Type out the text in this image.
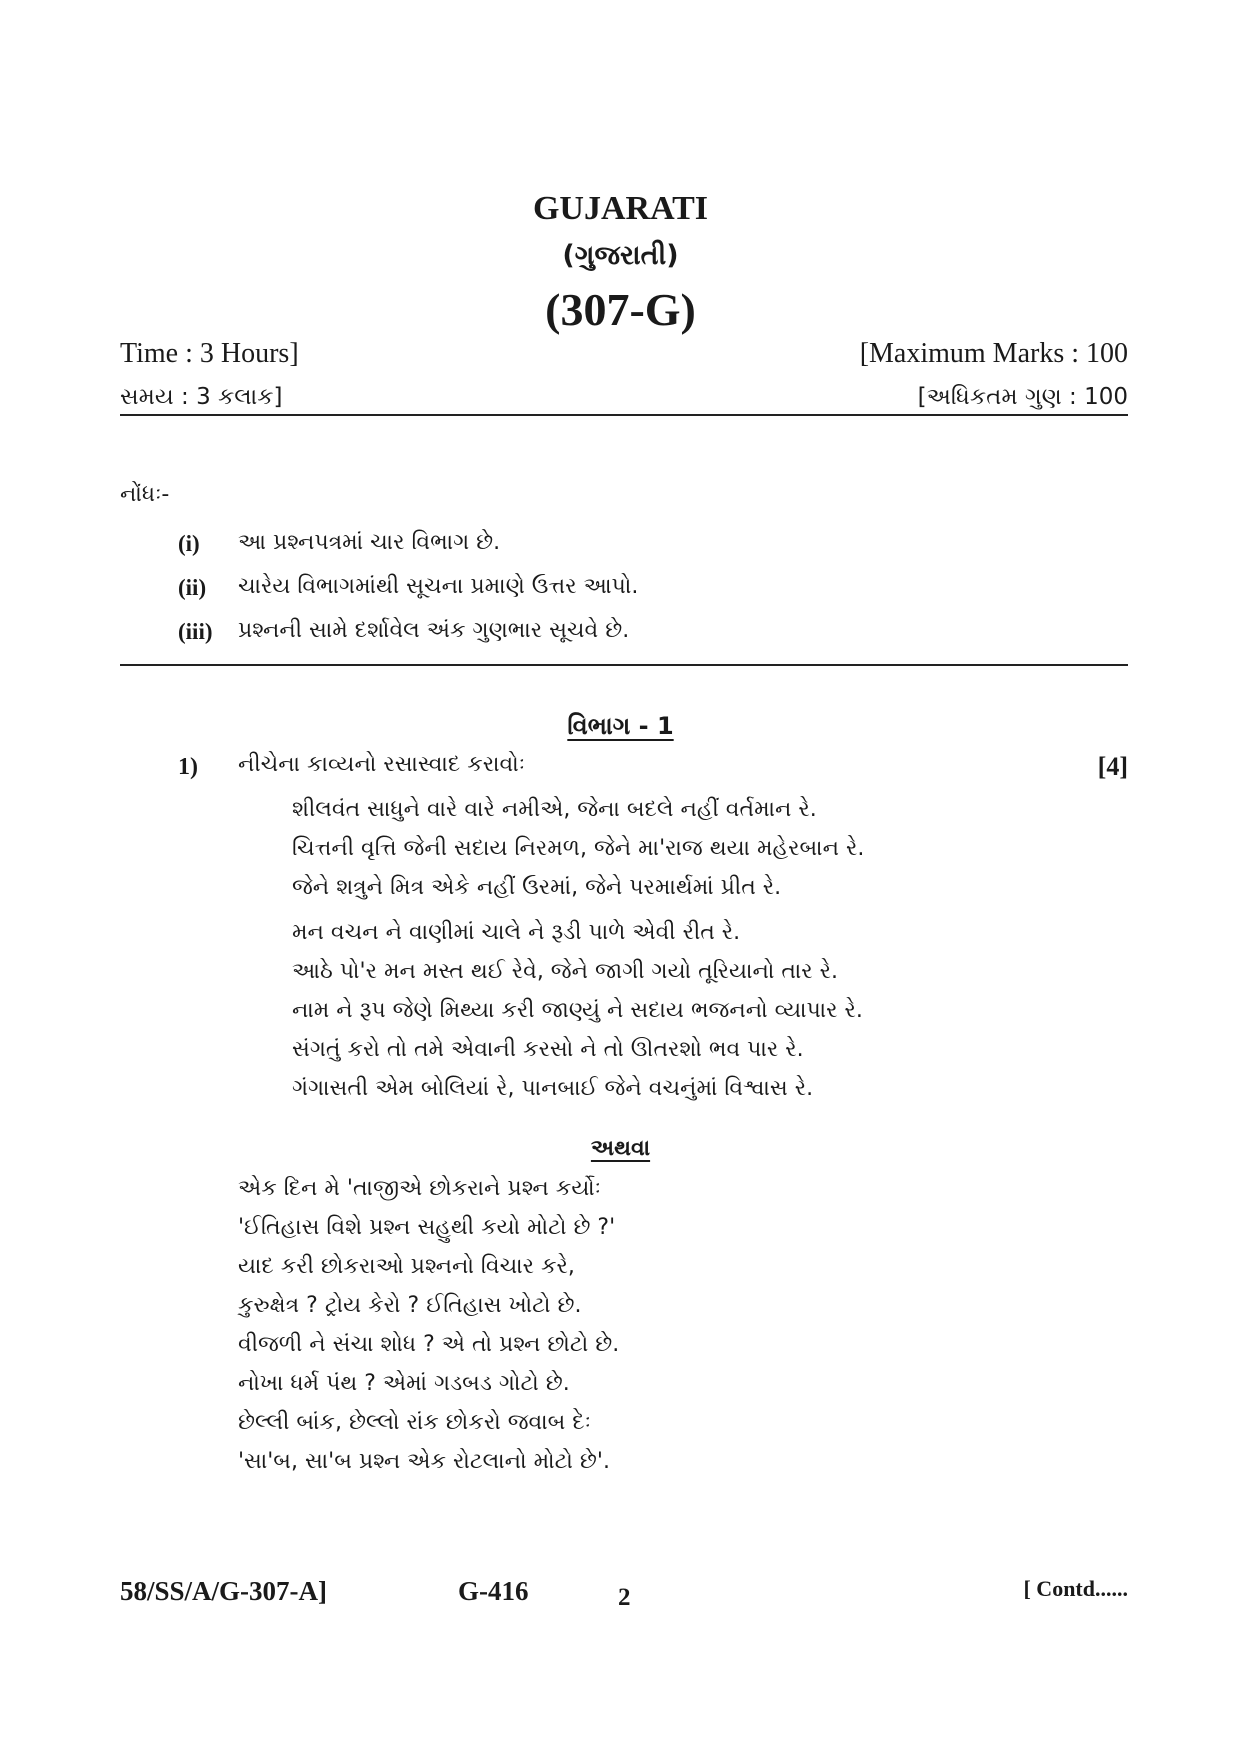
GUJARATI
(ગુજરાતી)
(307-G)
Time : 3 Hours]
સમય : 3 કલાક]
[Maximum Marks : 100
[અધિકતમ ગુણ : 100
નોંધઃ-
(i) આ પ્રશ્નપત્રમાં ચાર વિભાગ છે.
(ii) ચારેય વિભાગમાંથી સૂચના પ્રમાણે ઉત્તર આપો.
(iii) પ્રશ્નની સામે દર્શાવેલ અંક ગુણભાર સૂચવે છે.
વિભાગ - 1
1) નીચેના કાવ્યનો રસાસ્વાદ કરાવોઃ	[4]
શીલવંત સાધુને વારે વારે નમીએ, જેના બદલે નહીં વર્તમાન રે.
ચિત્તની વૃત્તિ જેની સદાય નિરમળ, જેને મા'રાજ થયા મહેરબાન રે.
જેને શત્રુને મિત્ર એકે નહીં ઉરમાં, જેને પરમાર્થમાં પ્રીત રે.
મન વચન ને વાણીમાં ચાલે ને રૂડી પાળે એવી રીત રે.
આઠે પો'ર મન મસ્ત થઈ રેવે, જેને જાગી ગયો તૂરિયાનો તાર રે.
નામ ને રૂપ જેણે મિથ્યા કરી જાણ્યું ને સદાય ભજનનો વ્યાપાર રે.
સંગતું કરો તો તમે એવાની કરસો ને તો ઊતરશો ભવ પાર રે.
ગંગાસતી એમ બોલિયાં રે, પાનબાઈ જેને વચનુંમાં વિશ્વાસ રે.
અથવા
એક દિન મે 'તાજીએ છોકરાને પ્રશ્ન કર્યોઃ
'ઈતિહાસ વિશે પ્રશ્ન સહુથી કયો મોટો છે ?'
યાદ કરી છોકરાઓ પ્રશ્નનો વિચાર કરે,
કુરુક્ષેત્ર ? ટ્રોય કેરો ? ઈતિહાસ ખોટો છે.
વીજળી ને સંચા શોધ ? એ તો પ્રશ્ન છોટો છે.
નોખા ધર્મ પંથ ? એમાં ગડબડ ગોટો છે.
છેલ્લી બાંક, છેલ્લો રાંક છોકરો જવાબ દેઃ
'સા'બ, સા'બ પ્રશ્ન એક રોટલાનો મોટો છે'.
58/SS/A/G-307-A]	G-416	2	[ Contd......
